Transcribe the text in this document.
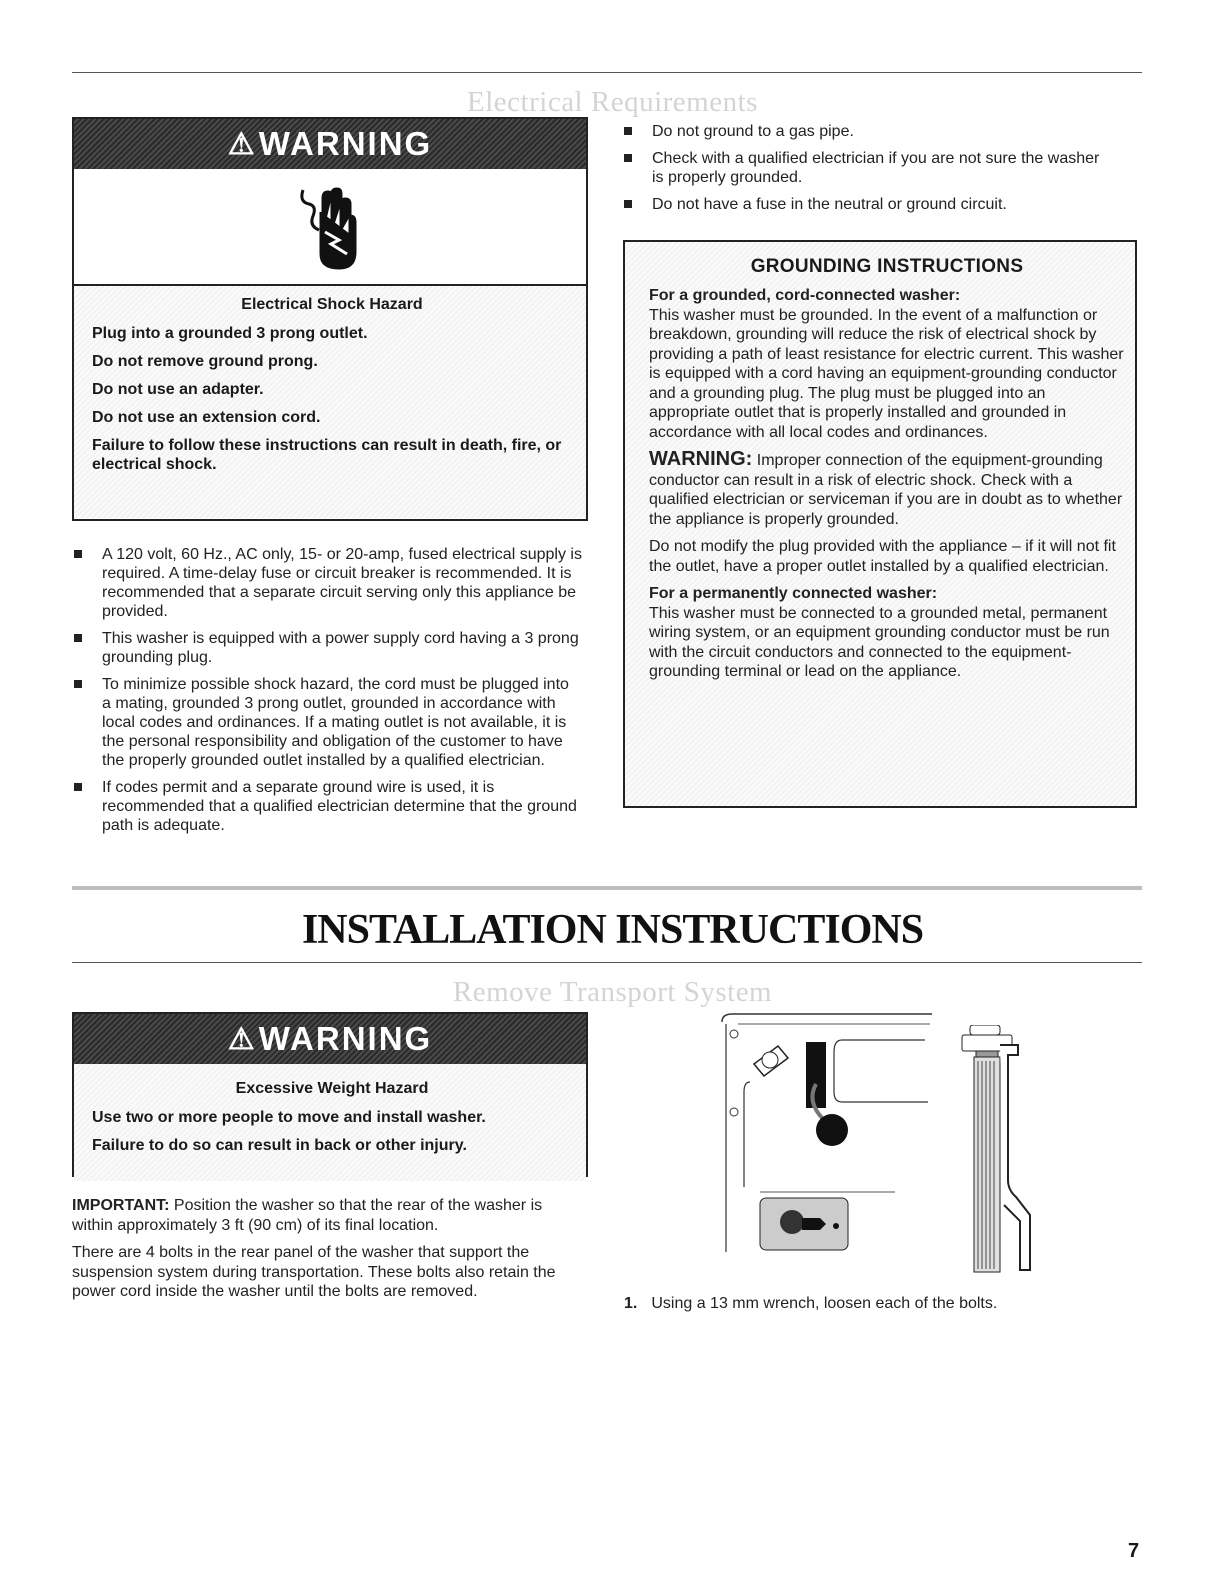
Electrical Requirements
⚠ WARNING
Electrical Shock Hazard

Plug into a grounded 3 prong outlet.

Do not remove ground prong.

Do not use an adapter.

Do not use an extension cord.

Failure to follow these instructions can result in death, fire, or electrical shock.

A 120 volt, 60 Hz., AC only, 15- or 20-amp, fused electrical supply is required. A time-delay fuse or circuit breaker is recommended. It is recommended that a separate circuit serving only this appliance be provided.
This washer is equipped with a power supply cord having a 3 prong grounding plug.
To minimize possible shock hazard, the cord must be plugged into a mating, grounded 3 prong outlet, grounded in accordance with local codes and ordinances. If a mating outlet is not available, it is the personal responsibility and obligation of the customer to have the properly grounded outlet installed by a qualified electrician.
If codes permit and a separate ground wire is used, it is recommended that a qualified electrician determine that the ground path is adequate.
Do not ground to a gas pipe.
Check with a qualified electrician if you are not sure the washer is properly grounded.
Do not have a fuse in the neutral or ground circuit.
GROUNDING INSTRUCTIONS

For a grounded, cord-connected washer:
This washer must be grounded. In the event of a malfunction or breakdown, grounding will reduce the risk of electrical shock by providing a path of least resistance for electric current. This washer is equipped with a cord having an equipment-grounding conductor and a grounding plug. The plug must be plugged into an appropriate outlet that is properly installed and grounded in accordance with all local codes and ordinances.

WARNING: Improper connection of the equipment-grounding conductor can result in a risk of electric shock. Check with a qualified electrician or serviceman if you are in doubt as to whether the appliance is properly grounded.

Do not modify the plug provided with the appliance – if it will not fit the outlet, have a proper outlet installed by a qualified electrician.

For a permanently connected washer:
This washer must be connected to a grounded metal, permanent wiring system, or an equipment grounding conductor must be run with the circuit conductors and connected to the equipment-grounding terminal or lead on the appliance.

INSTALLATION INSTRUCTIONS
Remove Transport System
⚠ WARNING
Excessive Weight Hazard

Use two or more people to move and install washer.

Failure to do so can result in back or other injury.

IMPORTANT: Position the washer so that the rear of the washer is within approximately 3 ft (90 cm) of its final location.

There are 4 bolts in the rear panel of the washer that support the suspension system during transportation. These bolts also retain the power cord inside the washer until the bolts are removed.

1. Using a 13 mm wrench, loosen each of the bolts.
7
